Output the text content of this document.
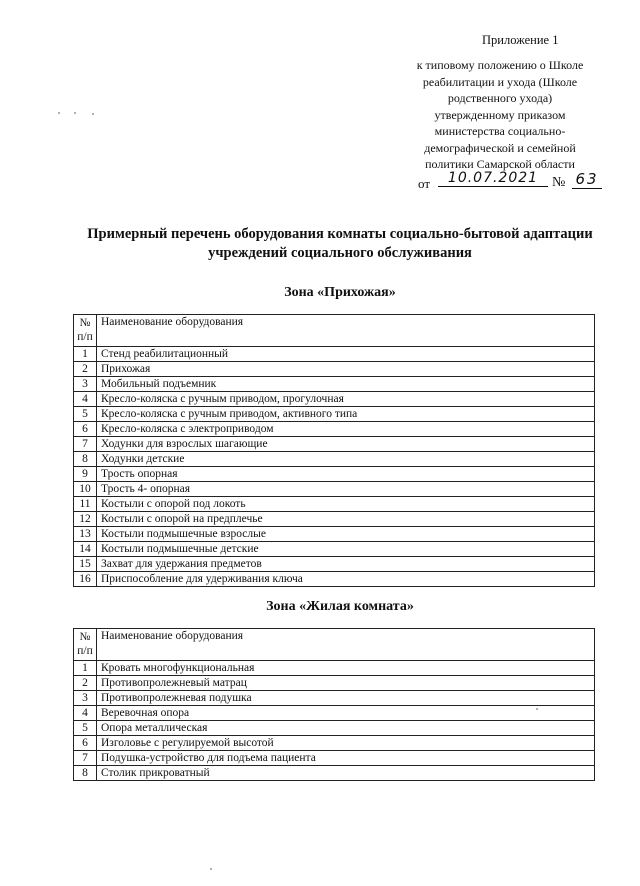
Приложение 1
к типовому положению о Школе
реабилитации и ухода (Школе
родственного ухода)
утвержденному приказом
министерства социально-
демографической и семейной
политики Самарской области
от	10.07.2021 № 63
Примерный перечень оборудования комнаты социально-бытовой адаптации
учреждений социального обслуживания
Зона «Прихожая»
№
п/п	Наименование оборудования
1	Стенд реабилитационный
2	Прихожая
3	Мобильный подъемник
4	Кресло-коляска с ручным приводом, прогулочная
5	Кресло-коляска с ручным приводом, активного типа
6	Кресло-коляска с электроприводом
7	Ходунки для взрослых шагающие
8	Ходунки детские
9	Трость опорная
10	Трость 4- опорная
11	Костыли с опорой под локоть
12	Костыли с опорой на предплечье
13	Костыли подмышечные взрослые
14	Костыли подмышечные детские
15	Захват для удержания предметов
16	Приспособление для удерживания ключа
Зона «Жилая комната»
№
п/п	Наименование оборудования
1	Кровать многофункциональная
2	Противопролежневый матрац
3	Противопролежневая подушка
4	Веревочная опора
5	Опора металлическая
6	Изголовье с регулируемой высотой
7	Подушка-устройство для подъема пациента
8	Столик прикроватный
